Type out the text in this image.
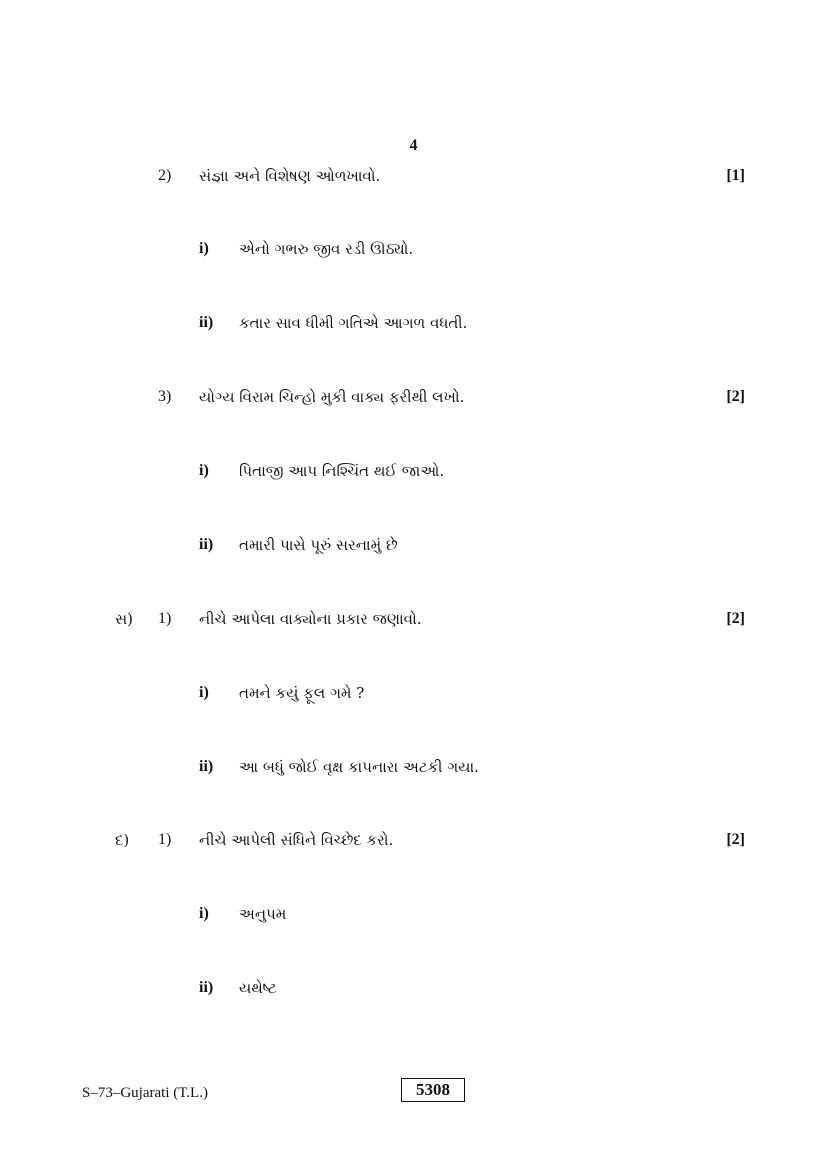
4
2) સંજ્ઞા અને વિશેષણ ઓળખાવો.	[1]
i) એનો ગભરુ જીવ રડી ઊઠ્યો.
ii) કતાર સાવ ધીમી ગતિએ આગળ વધતી.
3) યોગ્ય વિરામ ચિન્હો મુકી વાક્ય ફરીથી લખો.	[2]
i) પિતાજી આપ નિશ્ચિંત થઈ જાઓ.
ii) તમારી પાસે પૂરું સરનામું છે
સ) 1) નીચે આપેલા વાક્યોના પ્રકાર જણાવો.	[2]
i) તમને કયું ફૂલ ગમે ?
ii) આ બધું જોઈ વૃક્ષ કાપનારા અટકી ગયા.
દ) 1) નીચે આપેલી સંધિને વિચ્છેદ કરો.	[2]
i) અનુપમ
ii) યથેષ્ટ
S–73–Gujarati (T.L.)	5308
